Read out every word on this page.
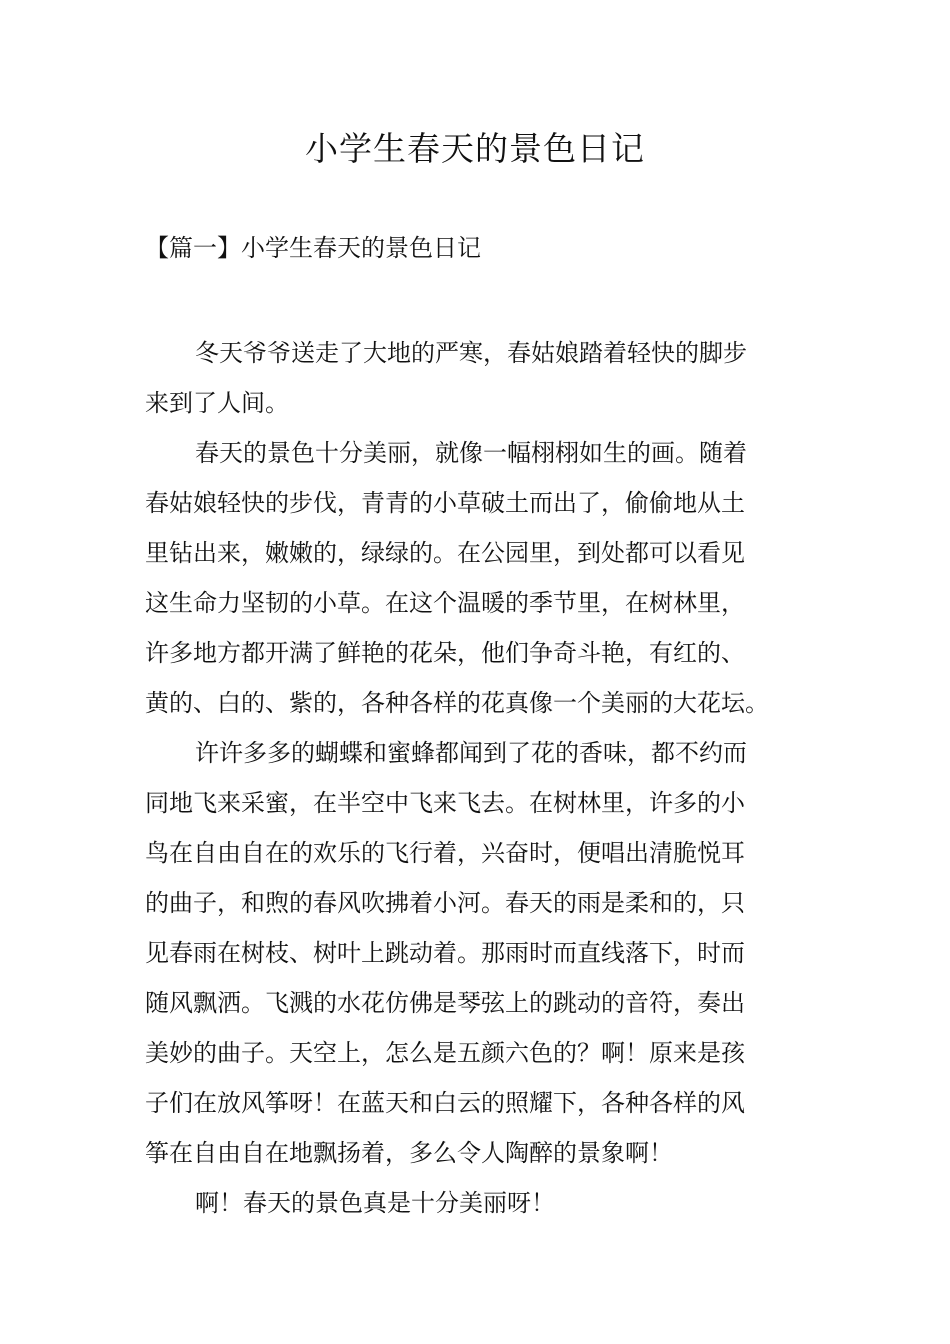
小学生春天的景色日记
【篇一】小学生春天的景色日记

冬天爷爷送走了大地的严寒，春姑娘踏着轻快的脚步
来到了人间。

春天的景色十分美丽，就像一幅栩栩如生的画。随着
春姑娘轻快的步伐，青青的小草破土而出了，偷偷地从土
里钻出来，嫩嫩的，绿绿的。在公园里，到处都可以看见
这生命力坚韧的小草。在这个温暖的季节里，在树林里，
许多地方都开满了鲜艳的花朵，他们争奇斗艳，有红的、
黄的、白的、紫的，各种各样的花真像一个美丽的大花坛。

许许多多的蝴蝶和蜜蜂都闻到了花的香味，都不约而
同地飞来采蜜，在半空中飞来飞去。在树林里，许多的小
鸟在自由自在的欢乐的飞行着，兴奋时，便唱出清脆悦耳
的曲子，和煦的春风吹拂着小河。春天的雨是柔和的，只
见春雨在树枝、树叶上跳动着。那雨时而直线落下，时而
随风飘洒。飞溅的水花仿佛是琴弦上的跳动的音符，奏出
美妙的曲子。天空上，怎么是五颜六色的？啊！原来是孩
子们在放风筝呀！在蓝天和白云的照耀下，各种各样的风
筝在自由自在地飘扬着，多么令人陶醉的景象啊！

啊！春天的景色真是十分美丽呀！
